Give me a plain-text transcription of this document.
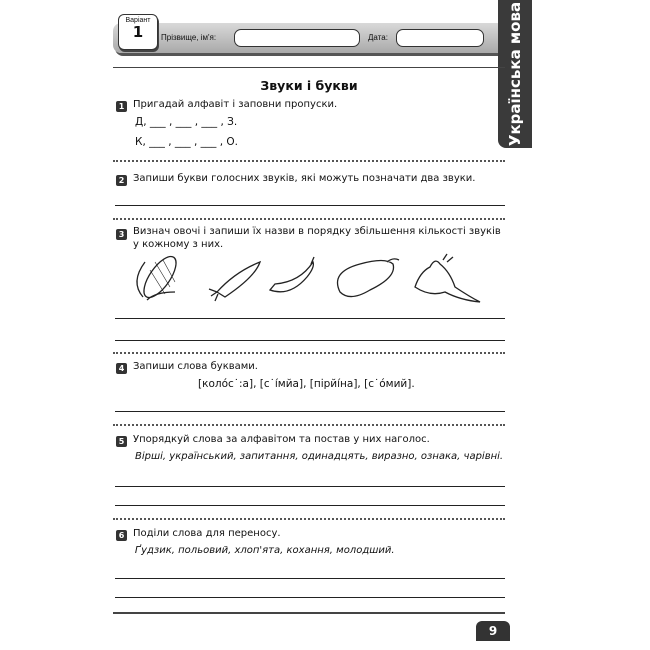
Варіант
1	Прізвище, ім'я:	Дата:	Українська мова
Звуки і букви
1 Пригадай алфавіт і заповни пропуски.
Д, ___ , ___ , ___ , З.
К, ___ , ___ , ___ , О.
2 Запиши букви голосних звуків, які можуть позначати два звуки.
3 Визнач овочі і запиши їх назви в порядку збільшення кількості звуків
у кожному з них.
4 Запиши слова буквами.
[колóс˙:а], [с˙íмйа], [пірйíна], [с˙óмий].
5 Упорядкуй слова за алфавітом та постав у них наголос.
Вірші, український, запитання, одинадцять, виразно, ознака, чарівні.
6 Поділи слова для переносу.
Ґудзик, польовий, хлоп'ята, кохання, молодший.
9
